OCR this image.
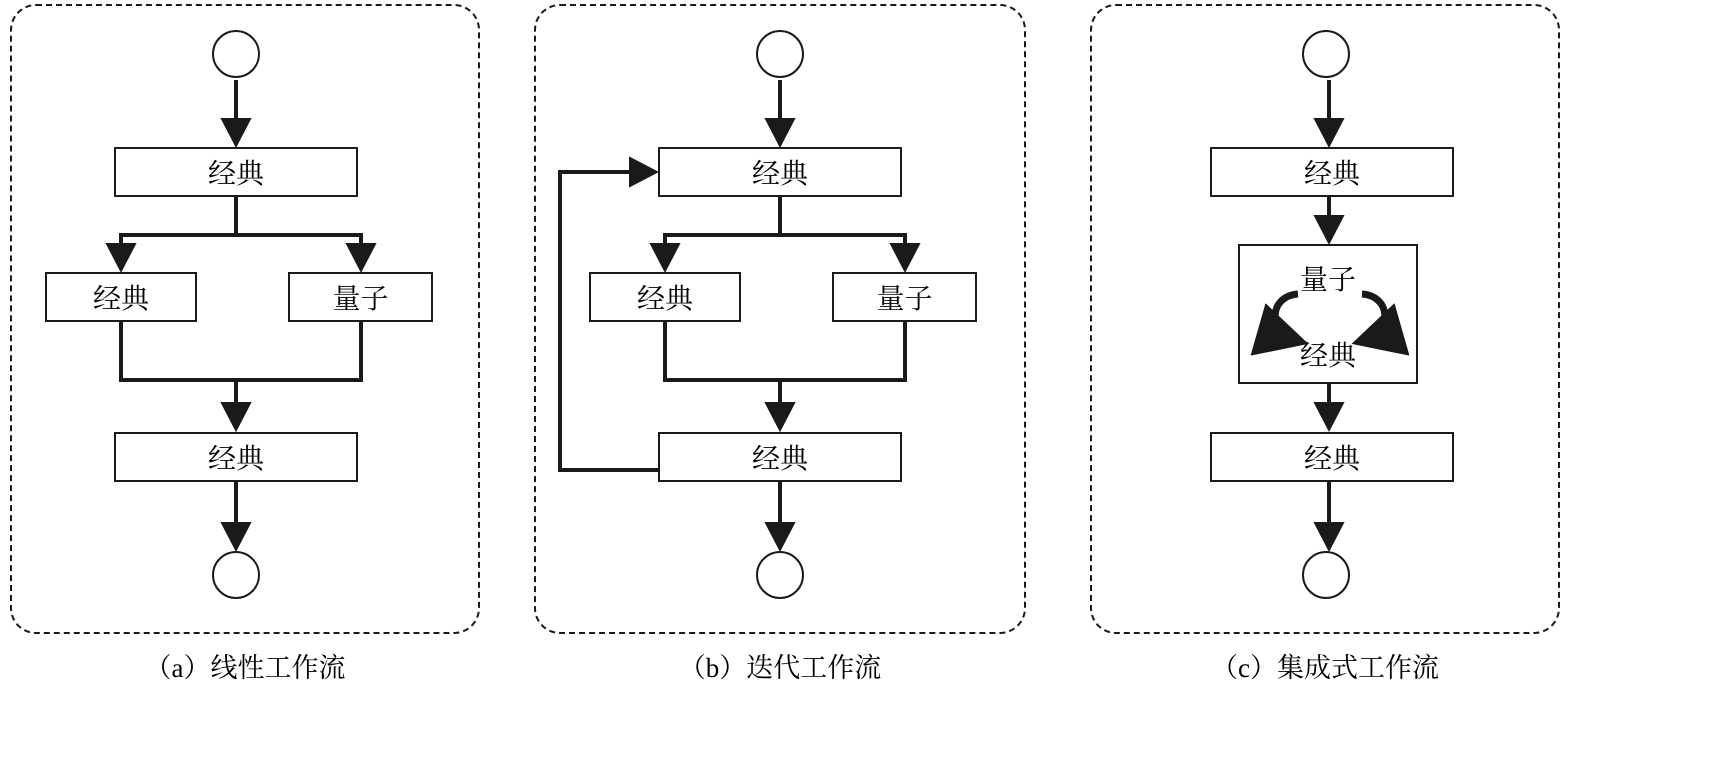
经典
经典	量子
经典
经典
经典	量子
经典
经典
量子
经典
经典
（a）线性工作流	（b）迭代工作流	（c）集成式工作流
